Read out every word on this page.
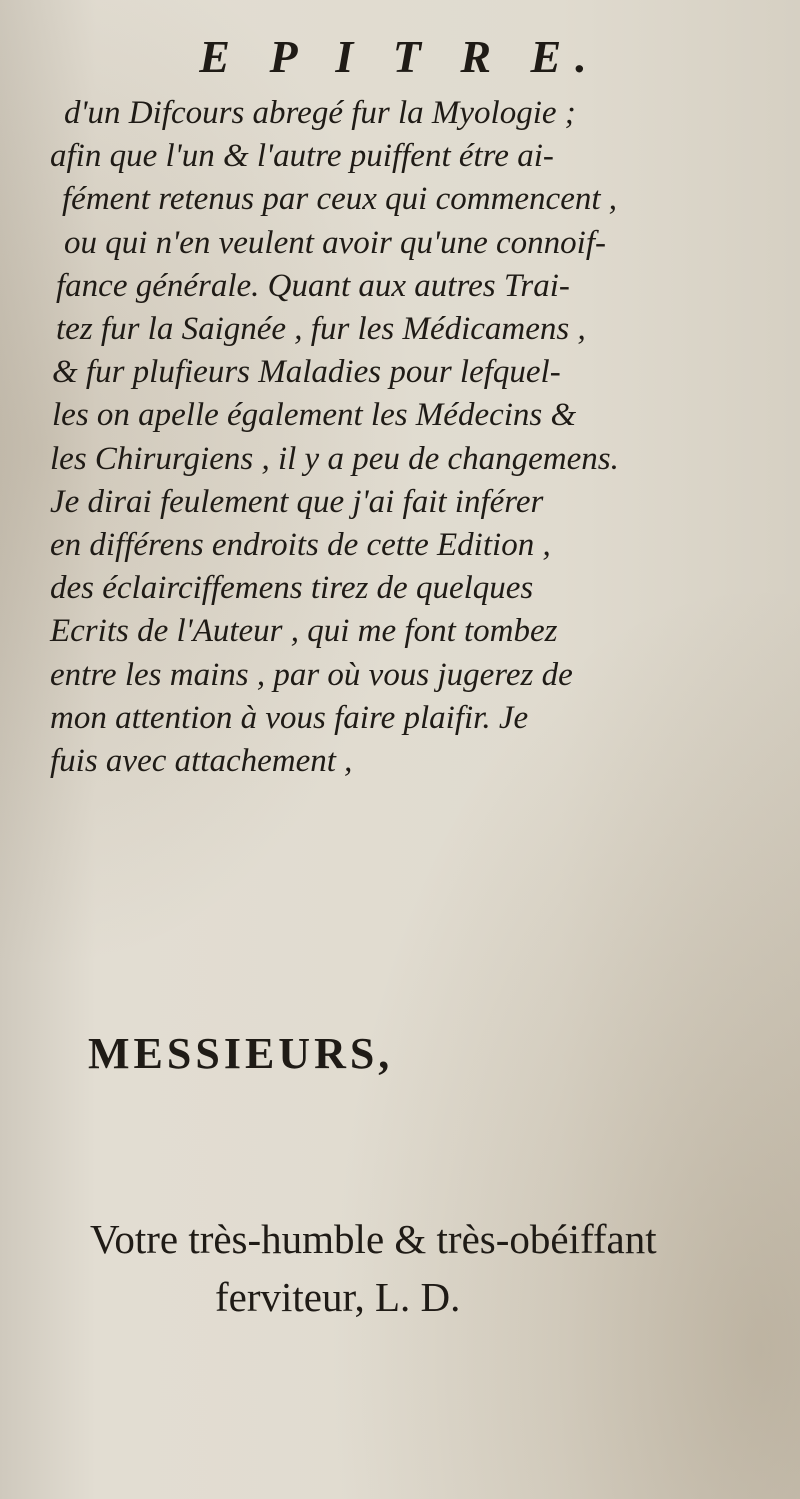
E P I T R E.
d'un Difcours abregé fur la Myologie ;
afin que l'un & l'autre puiffent étre ai-
fément retenus par ceux qui commencent ,
ou qui n'en veulent avoir qu'une connoif-
fance générale. Quant aux autres Trai-
tez fur la Saignée , fur les Médicamens ,
& fur plufieurs Maladies pour lefquel-
les on apelle également les Médecins &
les Chirurgiens , il y a peu de changemens.
Je dirai feulement que j'ai fait inférer
en différens endroits de cette Edition ,
des éclairciffemens tirez de quelques
Ecrits de l'Auteur , qui me font tombez
entre les mains , par où vous jugerez de
mon attention à vous faire plaifir. Je
fuis avec attachement ,
MESSIEURS,
Votre très-humble & très-obéiffant
ferviteur, L. D.
